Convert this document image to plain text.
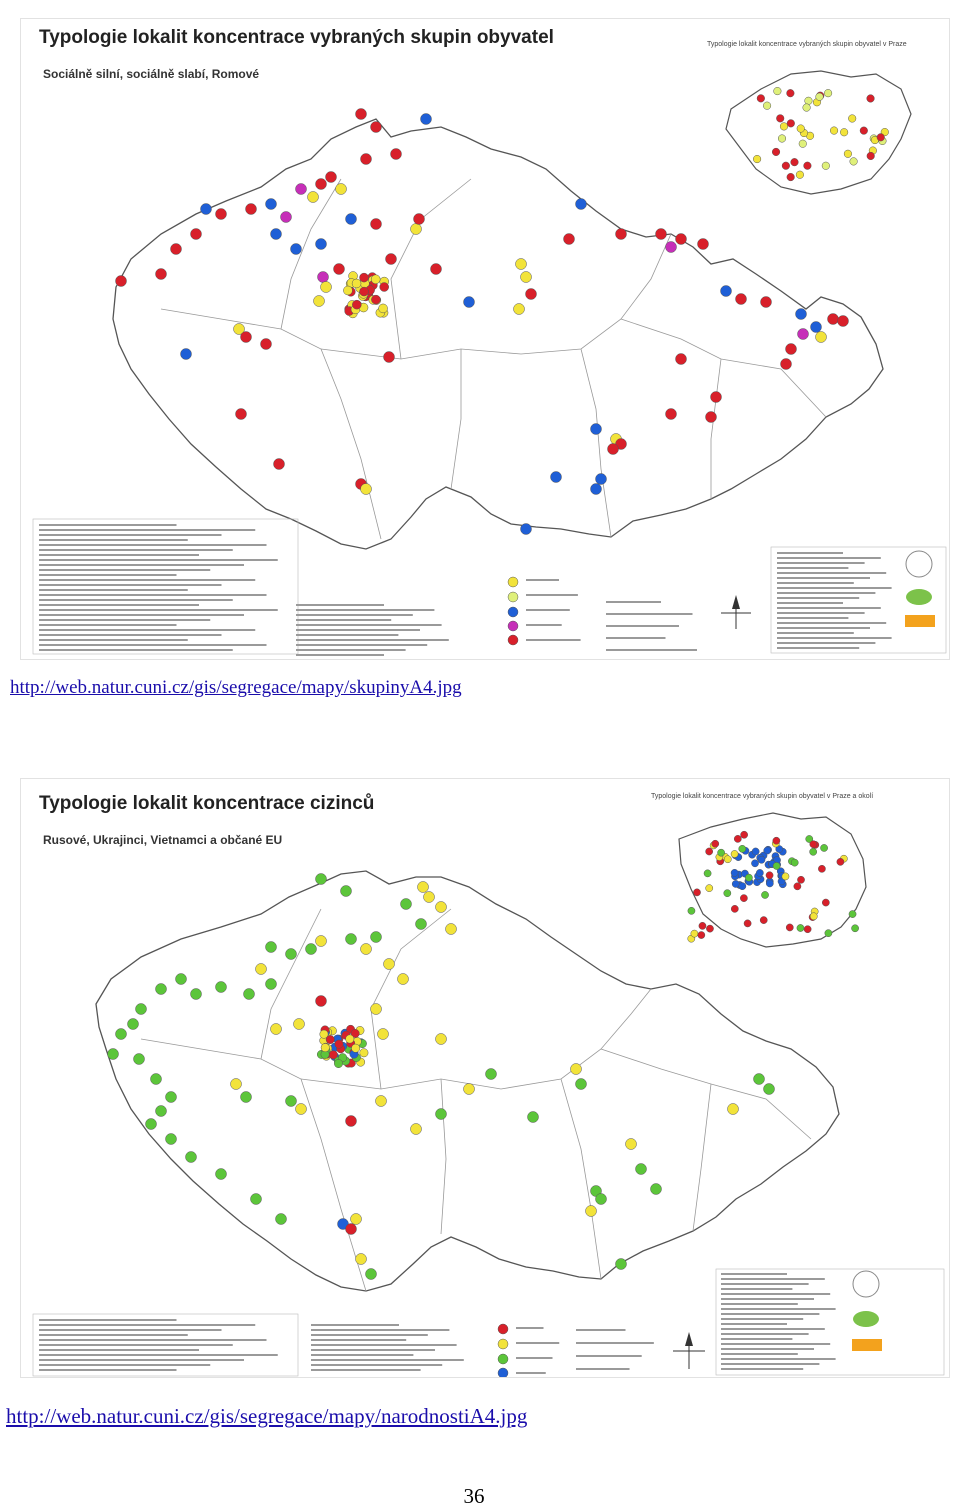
Typologie lokalit koncentrace vybraných skupin obyvatel
Sociálně silní, sociálně slabí, Romové
Typologie lokalit koncentrace vybraných skupin obyvatel v Praze
http://web.natur.cuni.cz/gis/segregace/mapy/skupinyA4.jpg
Typologie lokalit koncentrace cizinců
Rusové, Ukrajinci, Vietnamci a občané EU
Typologie lokalit koncentrace vybraných skupin obyvatel v Praze a okolí
http://web.natur.cuni.cz/gis/segregace/mapy/narodnostiA4.jpg
36
